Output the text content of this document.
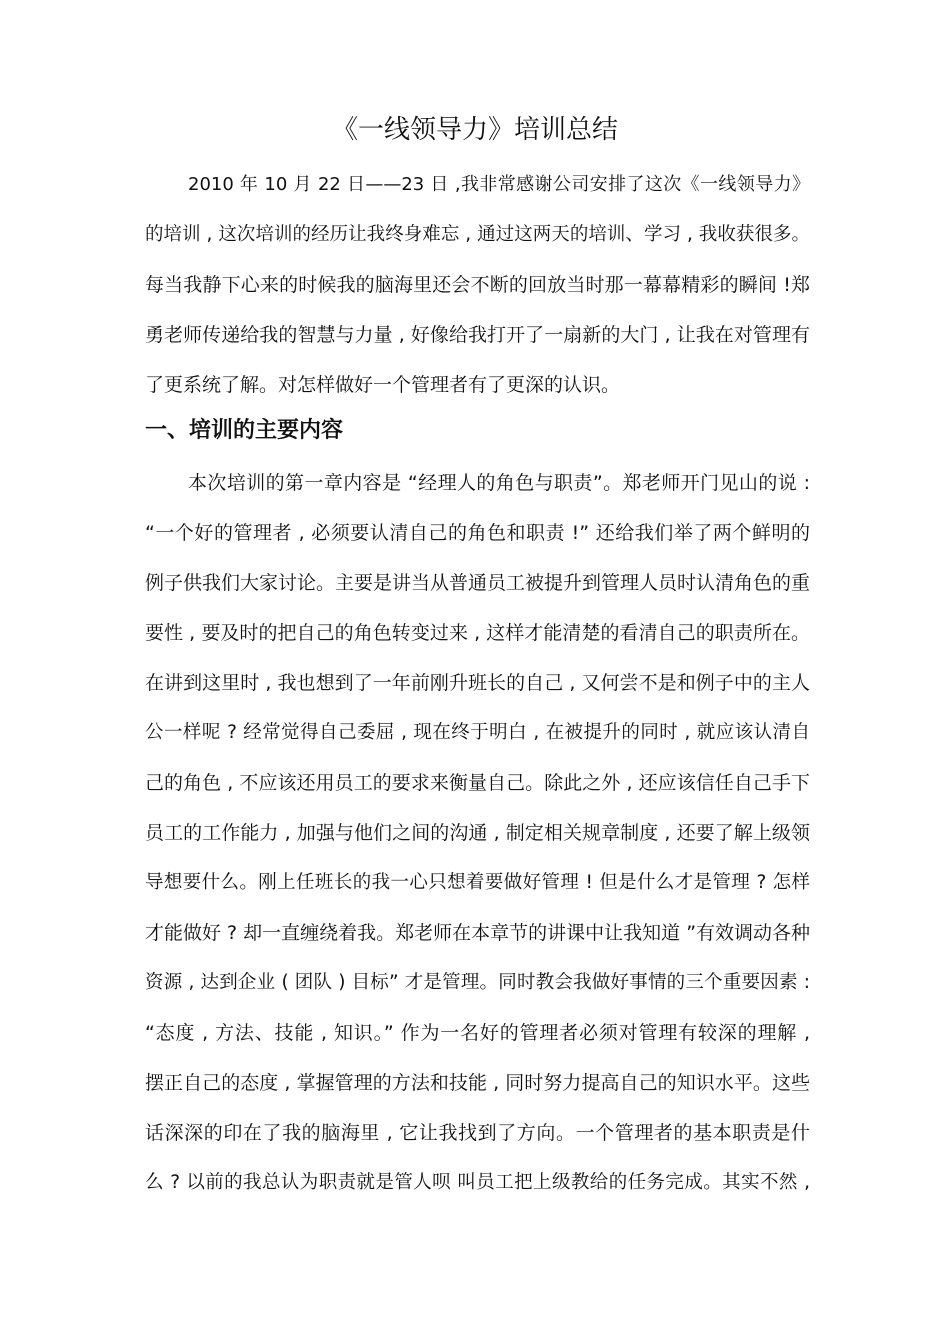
《一线领导力》培训总结
2010 年 10 月 22 日——23 日 ,我非常感谢公司安排了这次《一线领导力》
的培训 , 这次培训的经历让我终身难忘 , 通过这两天的培训、学习 , 我收获很多。
每当我静下心来的时候我的脑海里还会不断的回放当时那一幕幕精彩的瞬间 !郑
勇老师传递给我的智慧与力量 , 好像给我打开了一扇新的大门 , 让我在对管理有
了更系统了解。对怎样做好一个管理者有了更深的认识。
一、培训的主要内容
本次培训的第一章内容是 “经理人的角色与职责”。郑老师开门见山的说 :
“一个好的管理者 , 必须要认清自己的角色和职责 !” 还给我们举了两个鲜明的
例子供我们大家讨论。主要是讲当从普通员工被提升到管理人员时认清角色的重
要性 , 要及时的把自己的角色转变过来 , 这样才能清楚的看清自己的职责所在。
在讲到这里时 , 我也想到了一年前刚升班长的自己 , 又何尝不是和例子中的主人
公一样呢 ? 经常觉得自己委屈 , 现在终于明白 , 在被提升的同时 , 就应该认清自
己的角色 , 不应该还用员工的要求来衡量自己。除此之外 , 还应该信任自己手下
员工的工作能力 , 加强与他们之间的沟通 , 制定相关规章制度 , 还要了解上级领
导想要什么。刚上任班长的我一心只想着要做好管理 ! 但是什么才是管理 ? 怎样
才能做好 ? 却一直缠绕着我。郑老师在本章节的讲课中让我知道 ”有效调动各种
资源 , 达到企业 ( 团队 ) 目标” 才是管理。同时教会我做好事情的三个重要因素 :
“态度 , 方法、技能 , 知识。” 作为一名好的管理者必须对管理有较深的理解 ,
摆正自己的态度 , 掌握管理的方法和技能 , 同时努力提高自己的知识水平。这些
话深深的印在了我的脑海里 , 它让我找到了方向。一个管理者的基本职责是什
么 ? 以前的我总认为职责就是管人呗 叫员工把上级教给的任务完成。其实不然 ,
